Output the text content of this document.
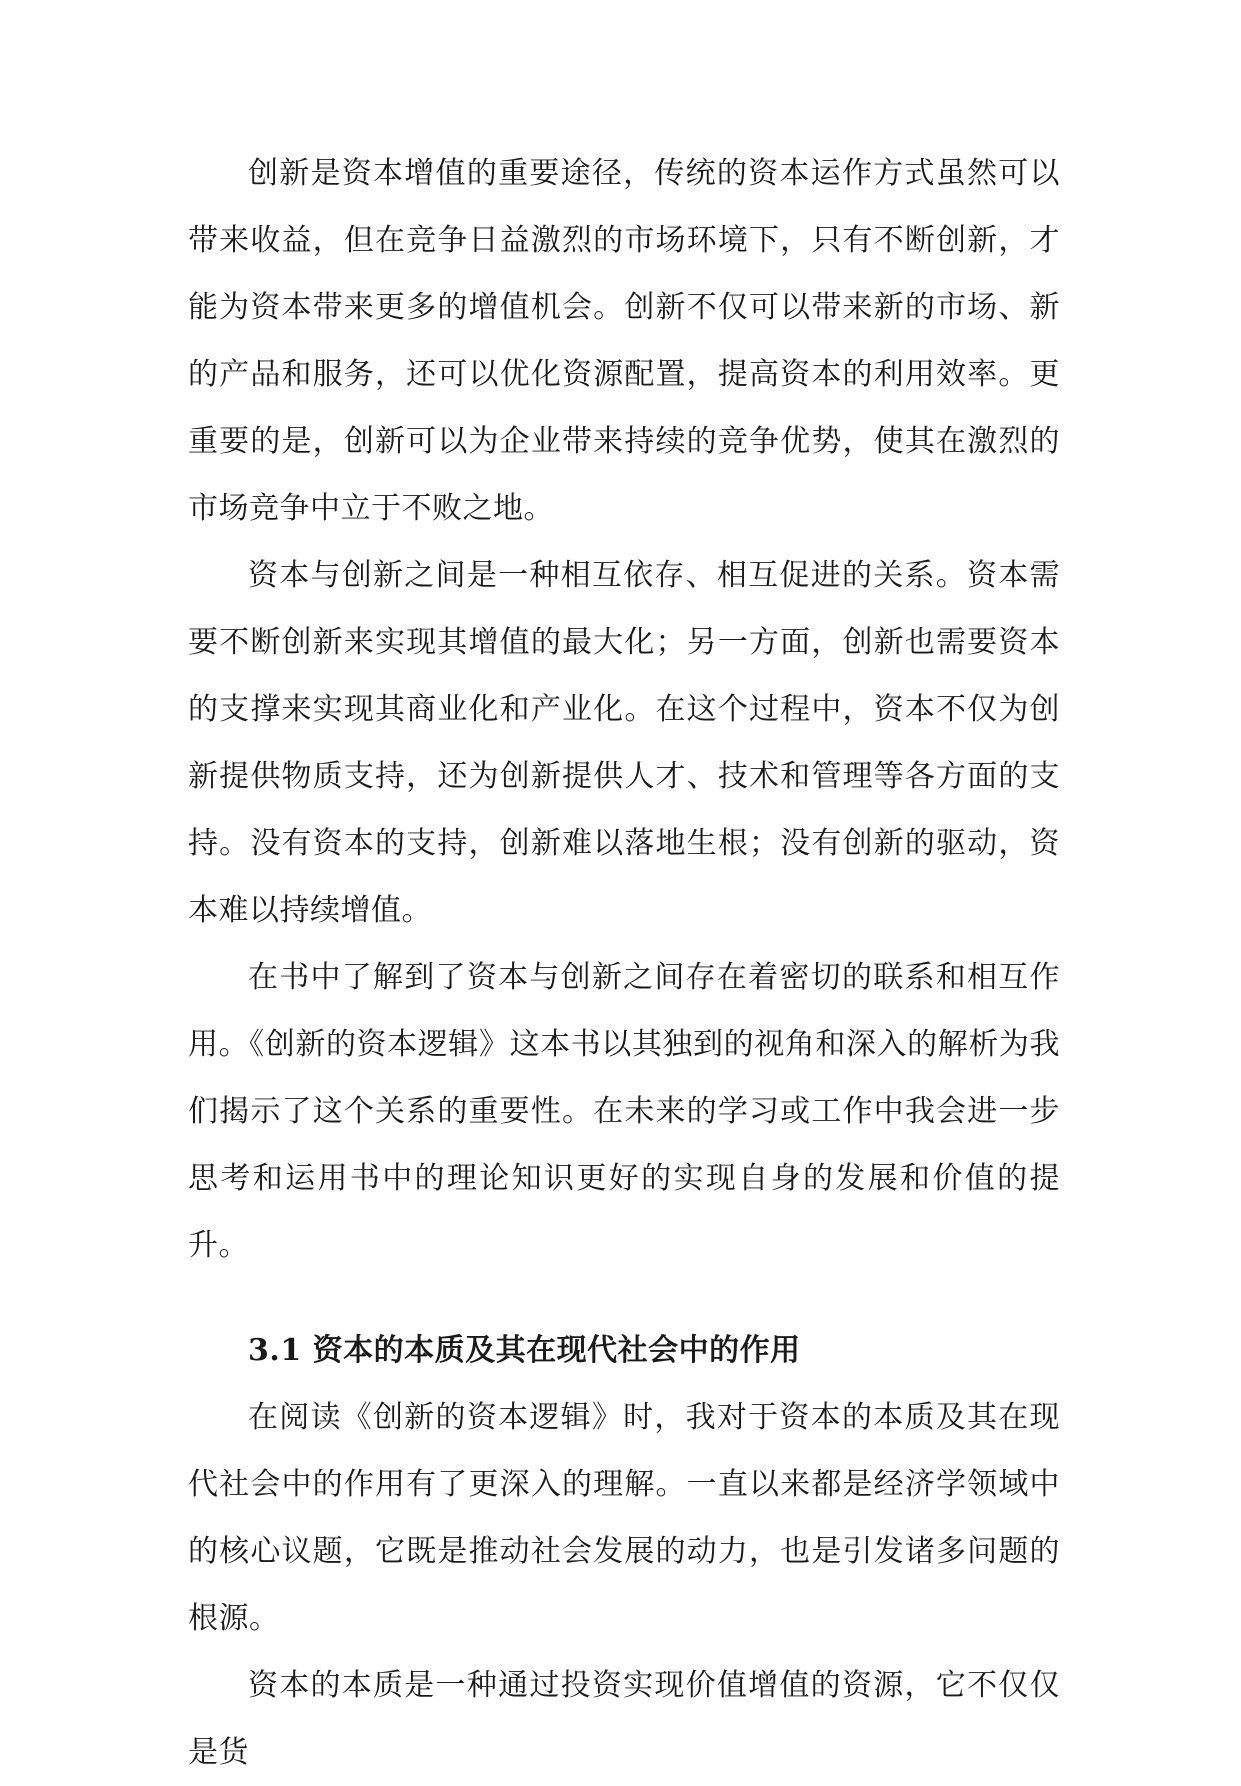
创新是资本增值的重要途径，传统的资本运作方式虽然可以带来收益，但在竞争日益激烈的市场环境下，只有不断创新，才能为资本带来更多的增值机会。创新不仅可以带来新的市场、新的产品和服务，还可以优化资源配置，提高资本的利用效率。更重要的是，创新可以为企业带来持续的竞争优势，使其在激烈的市场竞争中立于不败之地。

资本与创新之间是一种相互依存、相互促进的关系。资本需要不断创新来实现其增值的最大化；另一方面，创新也需要资本的支撑来实现其商业化和产业化。在这个过程中，资本不仅为创新提供物质支持，还为创新提供人才、技术和管理等各方面的支持。没有资本的支持，创新难以落地生根；没有创新的驱动，资本难以持续增值。

在书中了解到了资本与创新之间存在着密切的联系和相互作用。《创新的资本逻辑》这本书以其独到的视角和深入的解析为我们揭示了这个关系的重要性。在未来的学习或工作中我会进一步思考和运用书中的理论知识更好的实现自身的发展和价值的提升。

3.1 资本的本质及其在现代社会中的作用

在阅读《创新的资本逻辑》时，我对于资本的本质及其在现代社会中的作用有了更深入的理解。一直以来都是经济学领域中的核心议题，它既是推动社会发展的动力，也是引发诸多问题的根源。

资本的本质是一种通过投资实现价值增值的资源，它不仅仅是货
